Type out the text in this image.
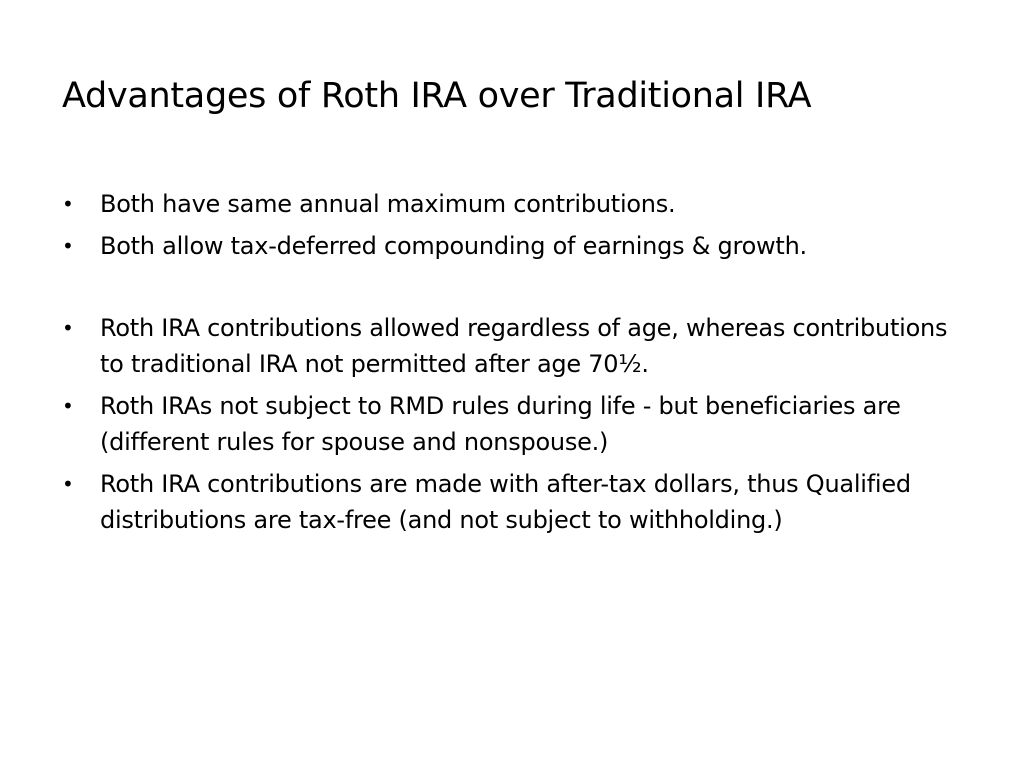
Advantages of Roth IRA over Traditional IRA
•	Both have same annual maximum contributions.
•	Both allow tax-deferred compounding of earnings & growth.
•	Roth IRA contributions allowed regardless of age, whereas contributions to traditional IRA not permitted after age 70½.
•	Roth IRAs not subject to RMD rules during life - but beneficiaries are (different rules for spouse and nonspouse.)
•	Roth IRA contributions are made with after-tax dollars, thus Qualified distributions are tax-free (and not subject to withholding.)
